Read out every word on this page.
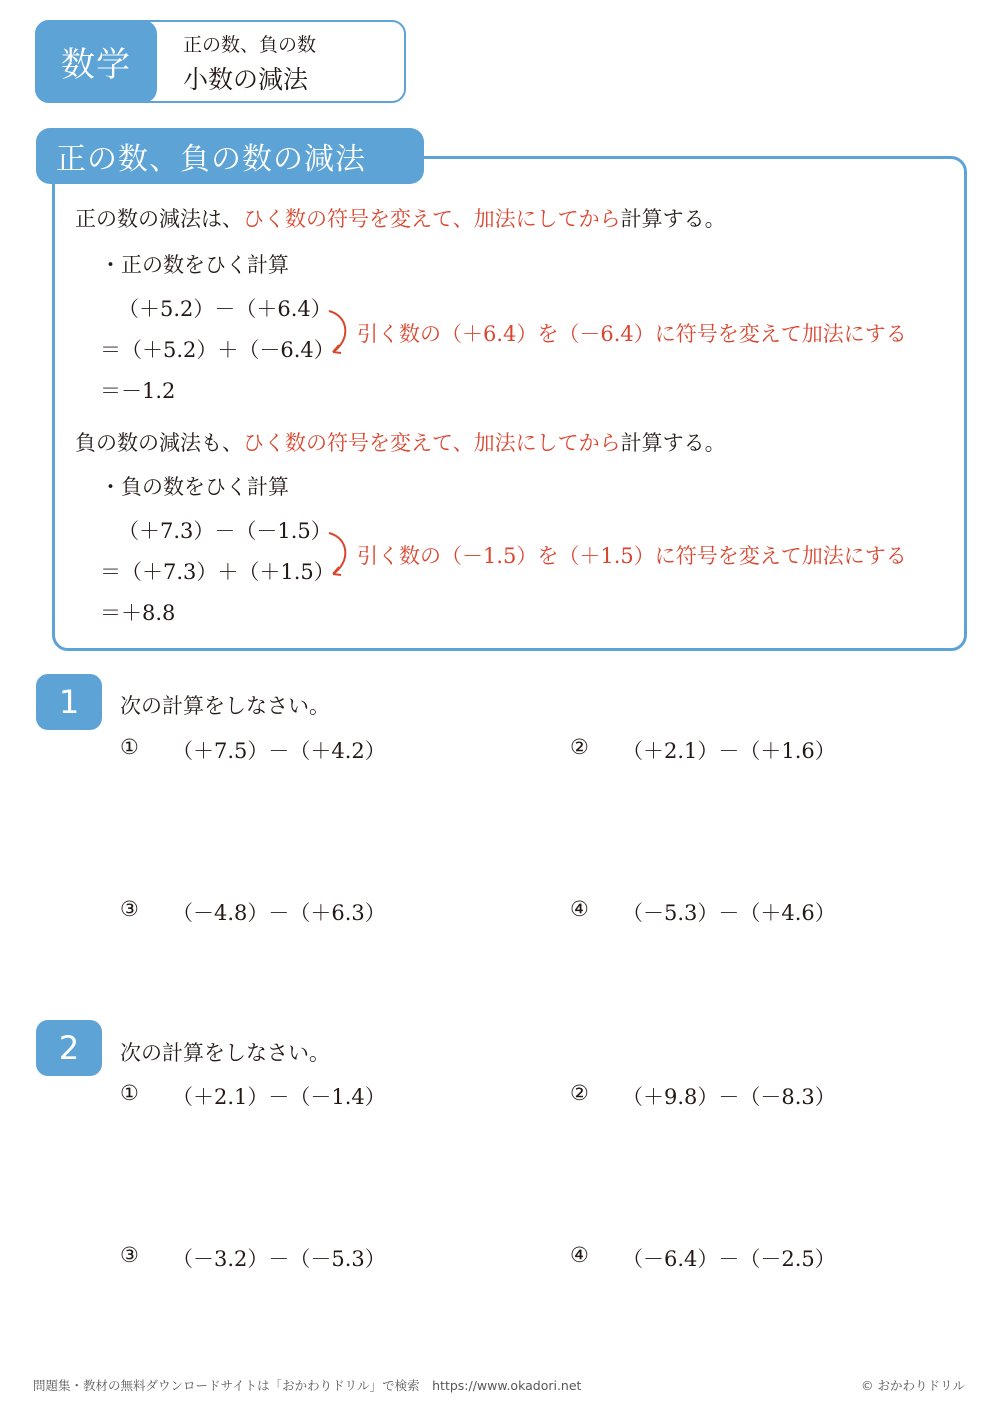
数学	正の数、負の数
小数の減法
正の数、負の数の減法
正の数の減法は、ひく数の符号を変えて、加法にしてから計算する。
・正の数をひく計算
（＋5.2）－（＋6.4）
＝（＋5.2）＋（－6.4）
＝－1.2
引く数の（＋6.4）を（－6.4）に符号を変えて加法にする
負の数の減法も、ひく数の符号を変えて、加法にしてから計算する。
・負の数をひく計算
（＋7.3）－（－1.5）
＝（＋7.3）＋（＋1.5）
＝＋8.8
引く数の（－1.5）を（＋1.5）に符号を変えて加法にする
1	次の計算をしなさい。
① （＋7.5）－（＋4.2）	② （＋2.1）－（＋1.6）
③ （－4.8）－（＋6.3）	④ （－5.3）－（＋4.6）
2	次の計算をしなさい。
① （＋2.1）－（－1.4）	② （＋9.8）－（－8.3）
③ （－3.2）－（－5.3）	④ （－6.4）－（－2.5）
問題集・教材の無料ダウンロードサイトは「おかわりドリル」で検索　https://www.okadori.net	© おかわりドリル
